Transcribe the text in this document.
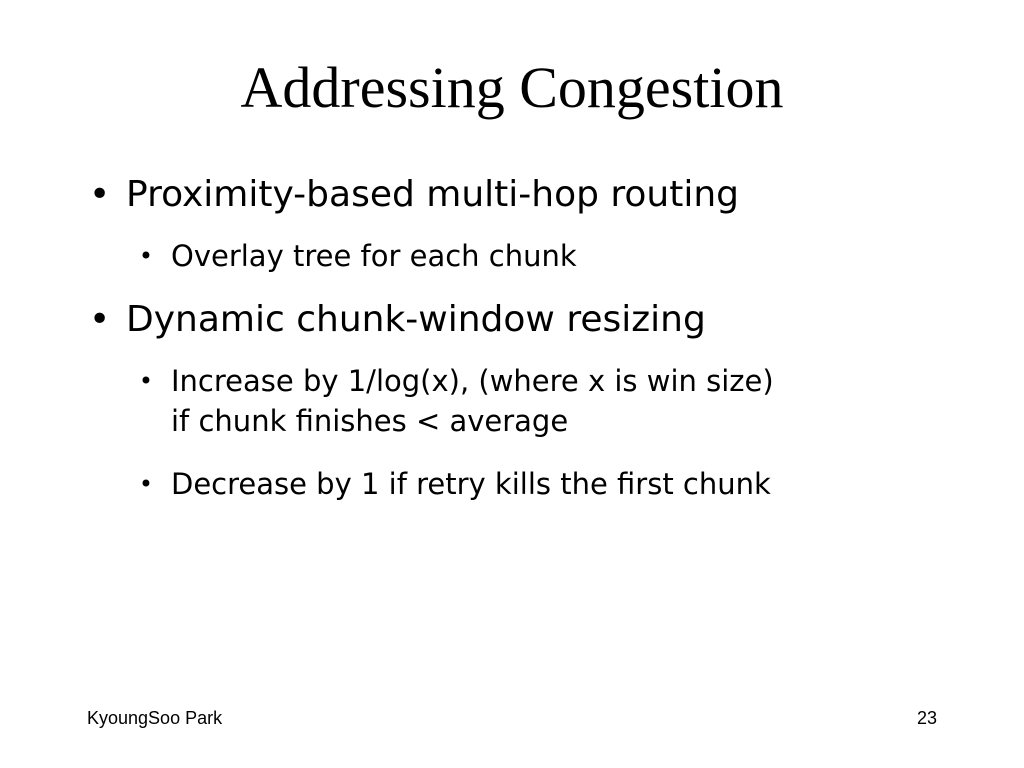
Addressing Congestion
• Proximity-based multi-hop routing
• Overlay tree for each chunk
• Dynamic chunk-window resizing
• Increase by 1/log(x), (where x is win size)
if chunk finishes < average
• Decrease by 1 if retry kills the first chunk
KyoungSoo Park	23
